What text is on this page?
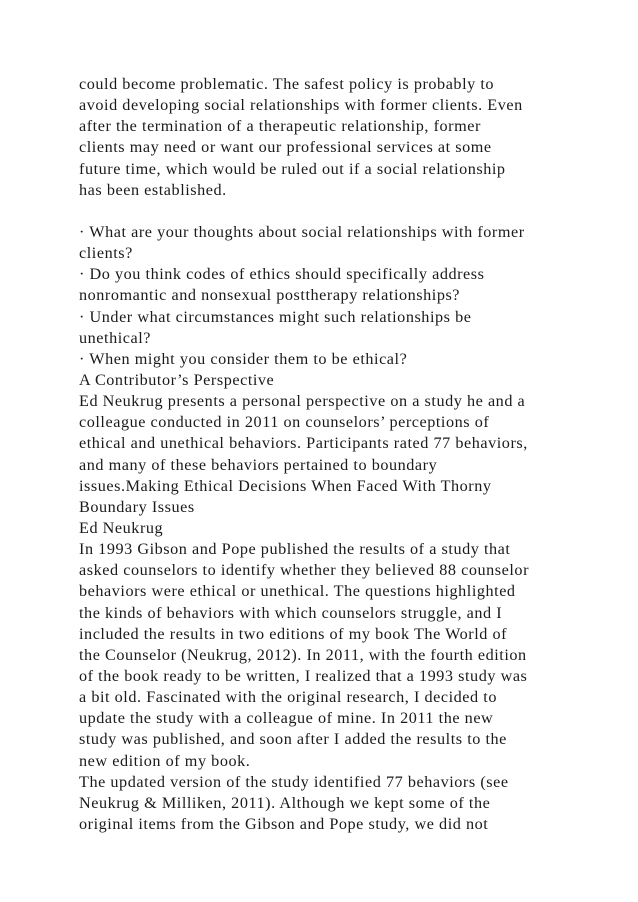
could become problematic. The safest policy is probably to
avoid developing social relationships with former clients. Even
after the termination of a therapeutic relationship, former
clients may need or want our professional services at some
future time, which would be ruled out if a social relationship
has been established.
· What are your thoughts about social relationships with former
clients?
· Do you think codes of ethics should specifically address
nonromantic and nonsexual posttherapy relationships?
· Under what circumstances might such relationships be
unethical?
· When might you consider them to be ethical?
A Contributor’s Perspective
Ed Neukrug presents a personal perspective on a study he and a
colleague conducted in 2011 on counselors’ perceptions of
ethical and unethical behaviors. Participants rated 77 behaviors,
and many of these behaviors pertained to boundary
issues.Making Ethical Decisions When Faced With Thorny
Boundary Issues
Ed Neukrug
In 1993 Gibson and Pope published the results of a study that
asked counselors to identify whether they believed 88 counselor
behaviors were ethical or unethical. The questions highlighted
the kinds of behaviors with which counselors struggle, and I
included the results in two editions of my book The World of
the Counselor (Neukrug, 2012). In 2011, with the fourth edition
of the book ready to be written, I realized that a 1993 study was
a bit old. Fascinated with the original research, I decided to
update the study with a colleague of mine. In 2011 the new
study was published, and soon after I added the results to the
new edition of my book.
The updated version of the study identified 77 behaviors (see
Neukrug & Milliken, 2011). Although we kept some of the
original items from the Gibson and Pope study, we did not
